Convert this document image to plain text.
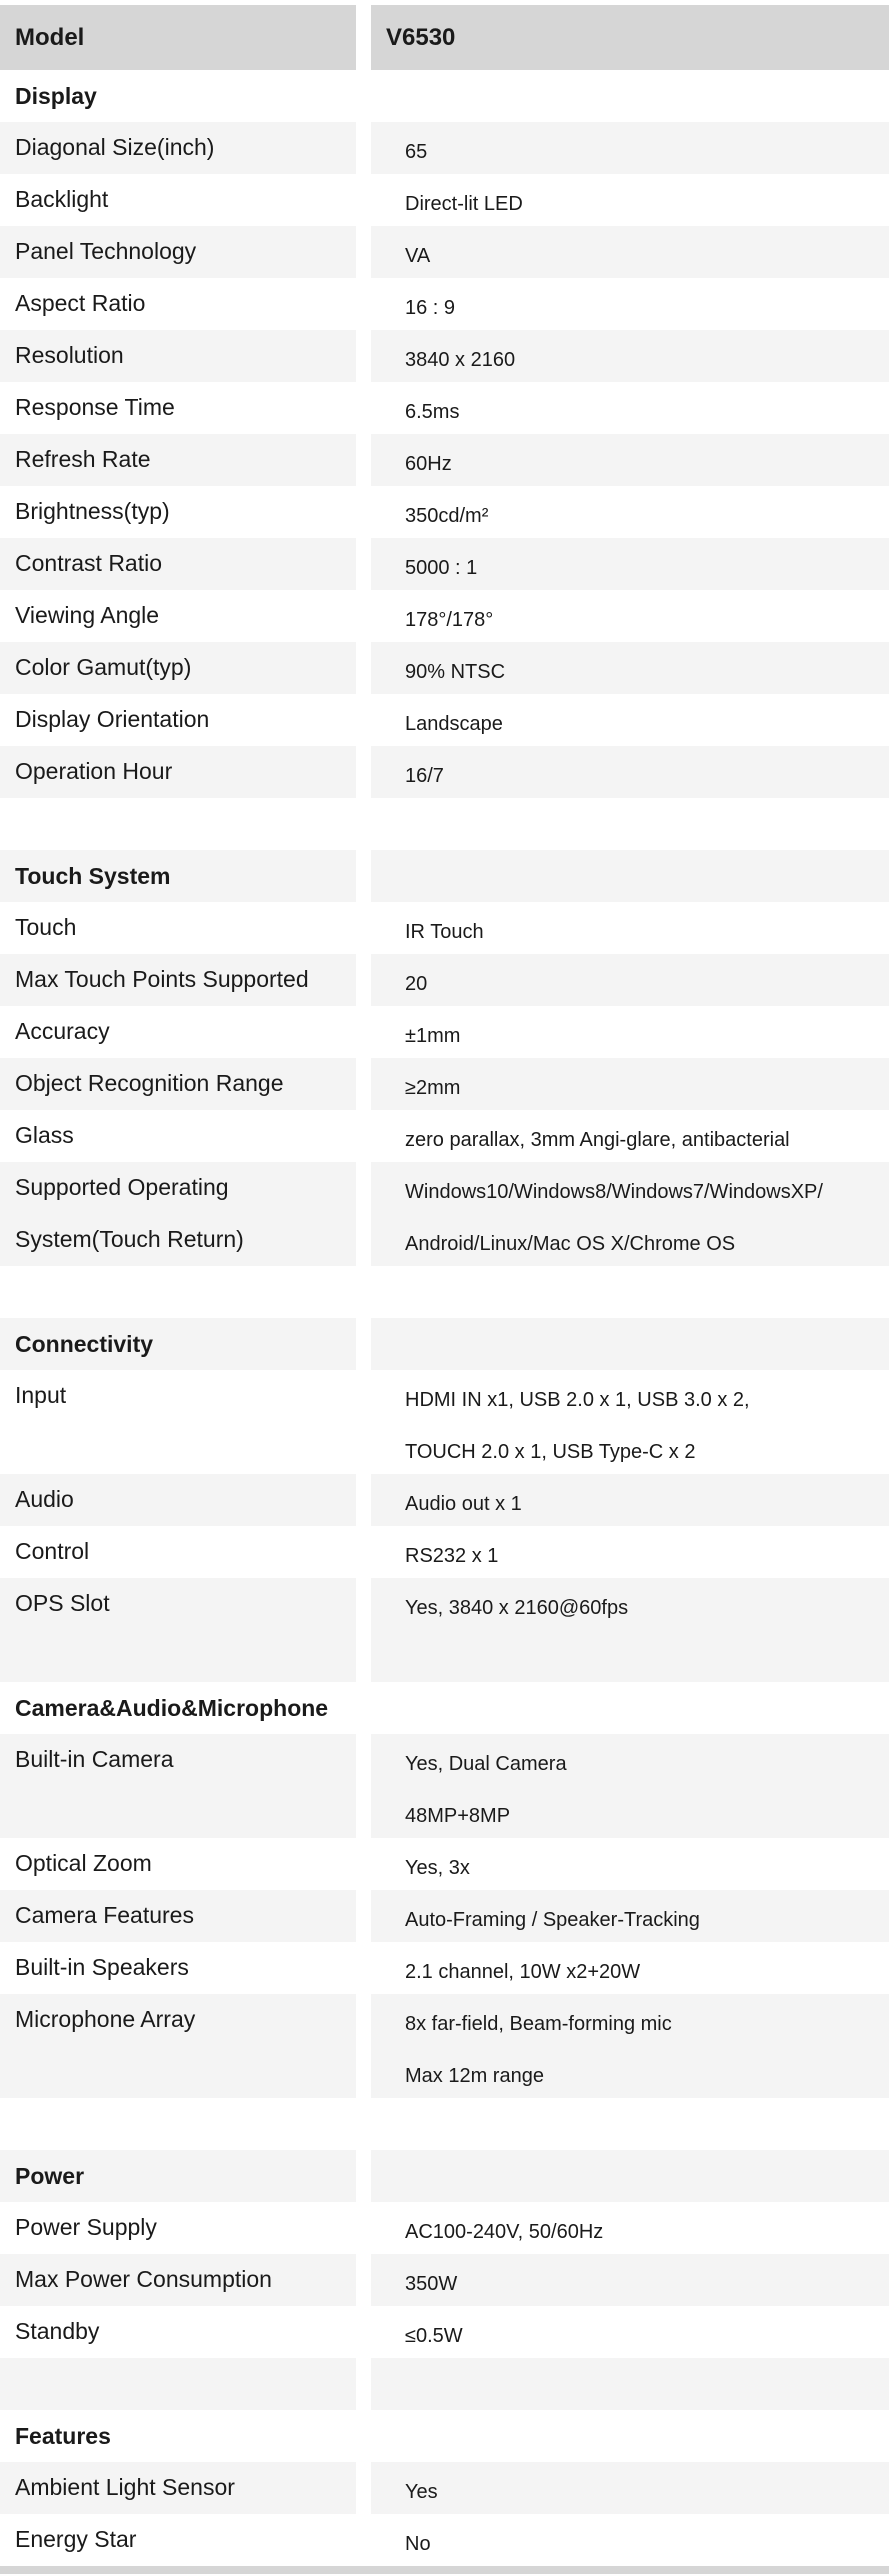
Model	V6530
Display
Diagonal Size(inch)	65
Backlight	Direct-lit LED
Panel Technology	VA
Aspect Ratio	16 : 9
Resolution	3840 x 2160
Response Time	6.5ms
Refresh Rate	60Hz
Brightness(typ)	350cd/m²
Contrast Ratio	5000 : 1
Viewing Angle	178°/178°
Color Gamut(typ)	90% NTSC
Display Orientation	Landscape
Operation Hour	16/7
Touch System
Touch	IR Touch
Max Touch Points Supported	20
Accuracy	±1mm
Object Recognition Range	≥2mm
Glass	zero parallax, 3mm Angi-glare, antibacterial
Supported Operating	Windows10/Windows8/Windows7/WindowsXP/
System(Touch Return)	Android/Linux/Mac OS X/Chrome OS
Connectivity
Input	HDMI IN x1, USB 2.0 x 1, USB 3.0 x 2,
TOUCH 2.0 x 1, USB Type-C x 2
Audio	Audio out x 1
Control	RS232 x 1
OPS Slot	Yes, 3840 x 2160@60fps
Camera&Audio&Microphone
Built-in Camera	Yes, Dual Camera
48MP+8MP
Optical Zoom	Yes, 3x
Camera Features	Auto-Framing / Speaker-Tracking
Built-in Speakers	2.1 channel, 10W x2+20W
Microphone Array	8x far-field, Beam-forming mic
Max 12m range
Power
Power Supply	AC100-240V, 50/60Hz
Max Power Consumption	350W
Standby	≤0.5W
Features
Ambient Light Sensor	Yes
Energy Star	No
